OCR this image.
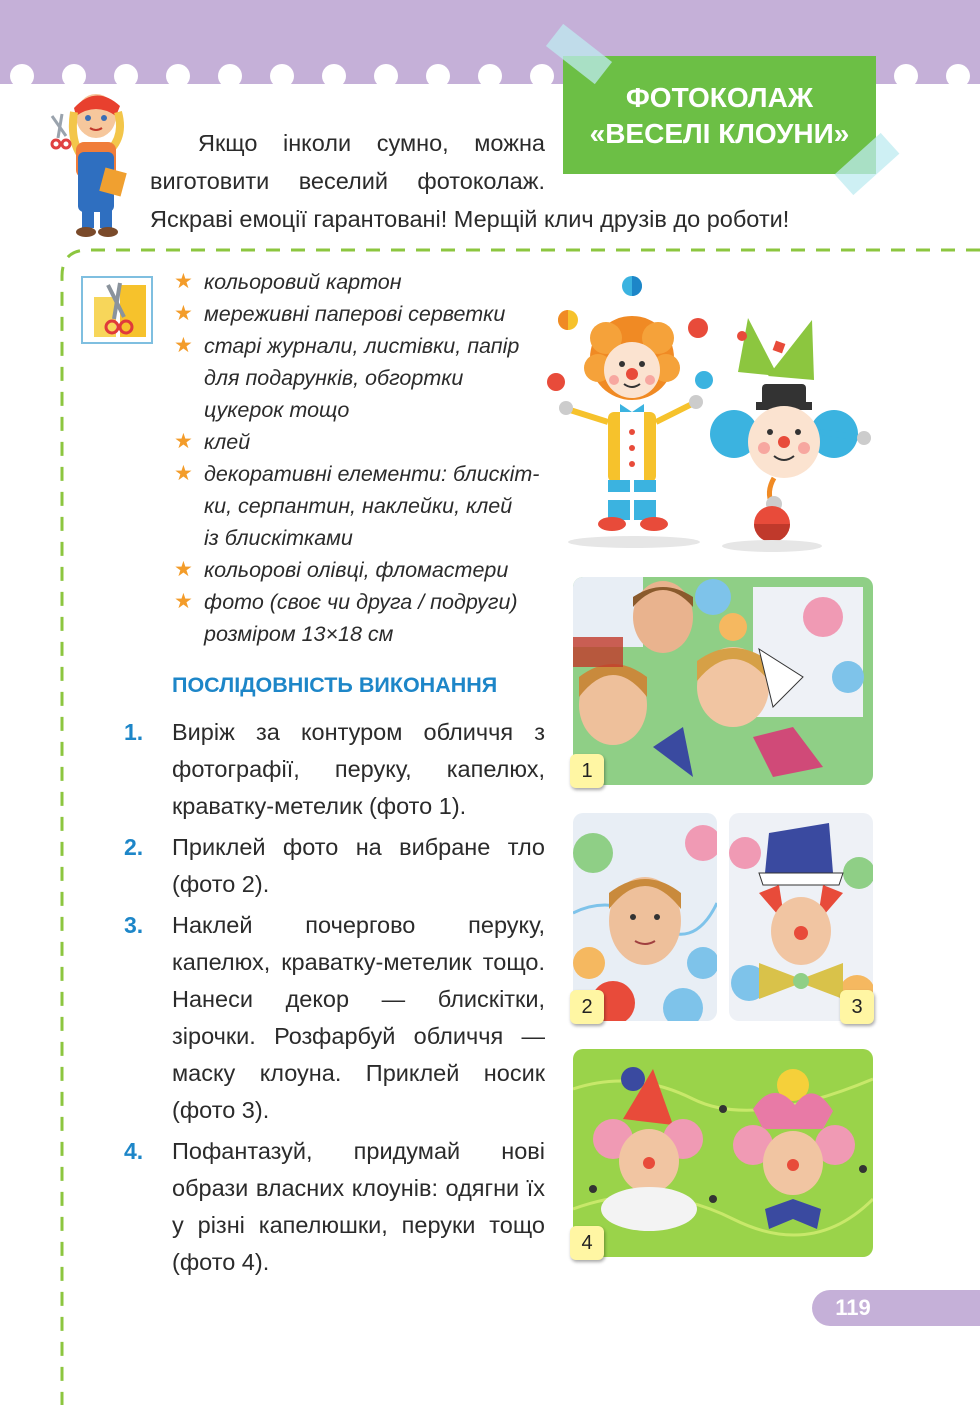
ФОТОКОЛАЖ
«ВЕСЕЛІ КЛОУНИ»
Якщо інколи сумно, можна
виготовити веселий фотоколаж.
Яскраві емоції гарантовані! Мерщій клич друзів до роботи!
★ кольоровий картон
★ мереживні паперові серветки
★ старі журнали, листівки, папір
для подарунків, обгортки
цукерок тощо
★ клей
★ декоративні елементи: блискіт-
ки, серпантин, наклейки, клей
із блискітками
★ кольорові олівці, фломастери
★ фото (своє чи друга / подруги)
розміром 13×18 см
ПОСЛІДОВНІСТЬ ВИКОНАННЯ
1. Виріж за контуром обличчя з фотографії, перуку, капелюх, краватку-метелик (фото 1).
2. Приклей фото на вибране тло (фото 2).
3. Наклей почергово перуку, капелюх, краватку-метелик тощо. Нанеси декор — блискітки, зірочки. Розфарбуй обличчя — маску клоуна. Приклей носик (фото 3).
4. Пофантазуй, придумай нові образи власних клоунів: одягни їх у різні капелюшки, перуки тощо (фото 4).
1
2	3
4
119
